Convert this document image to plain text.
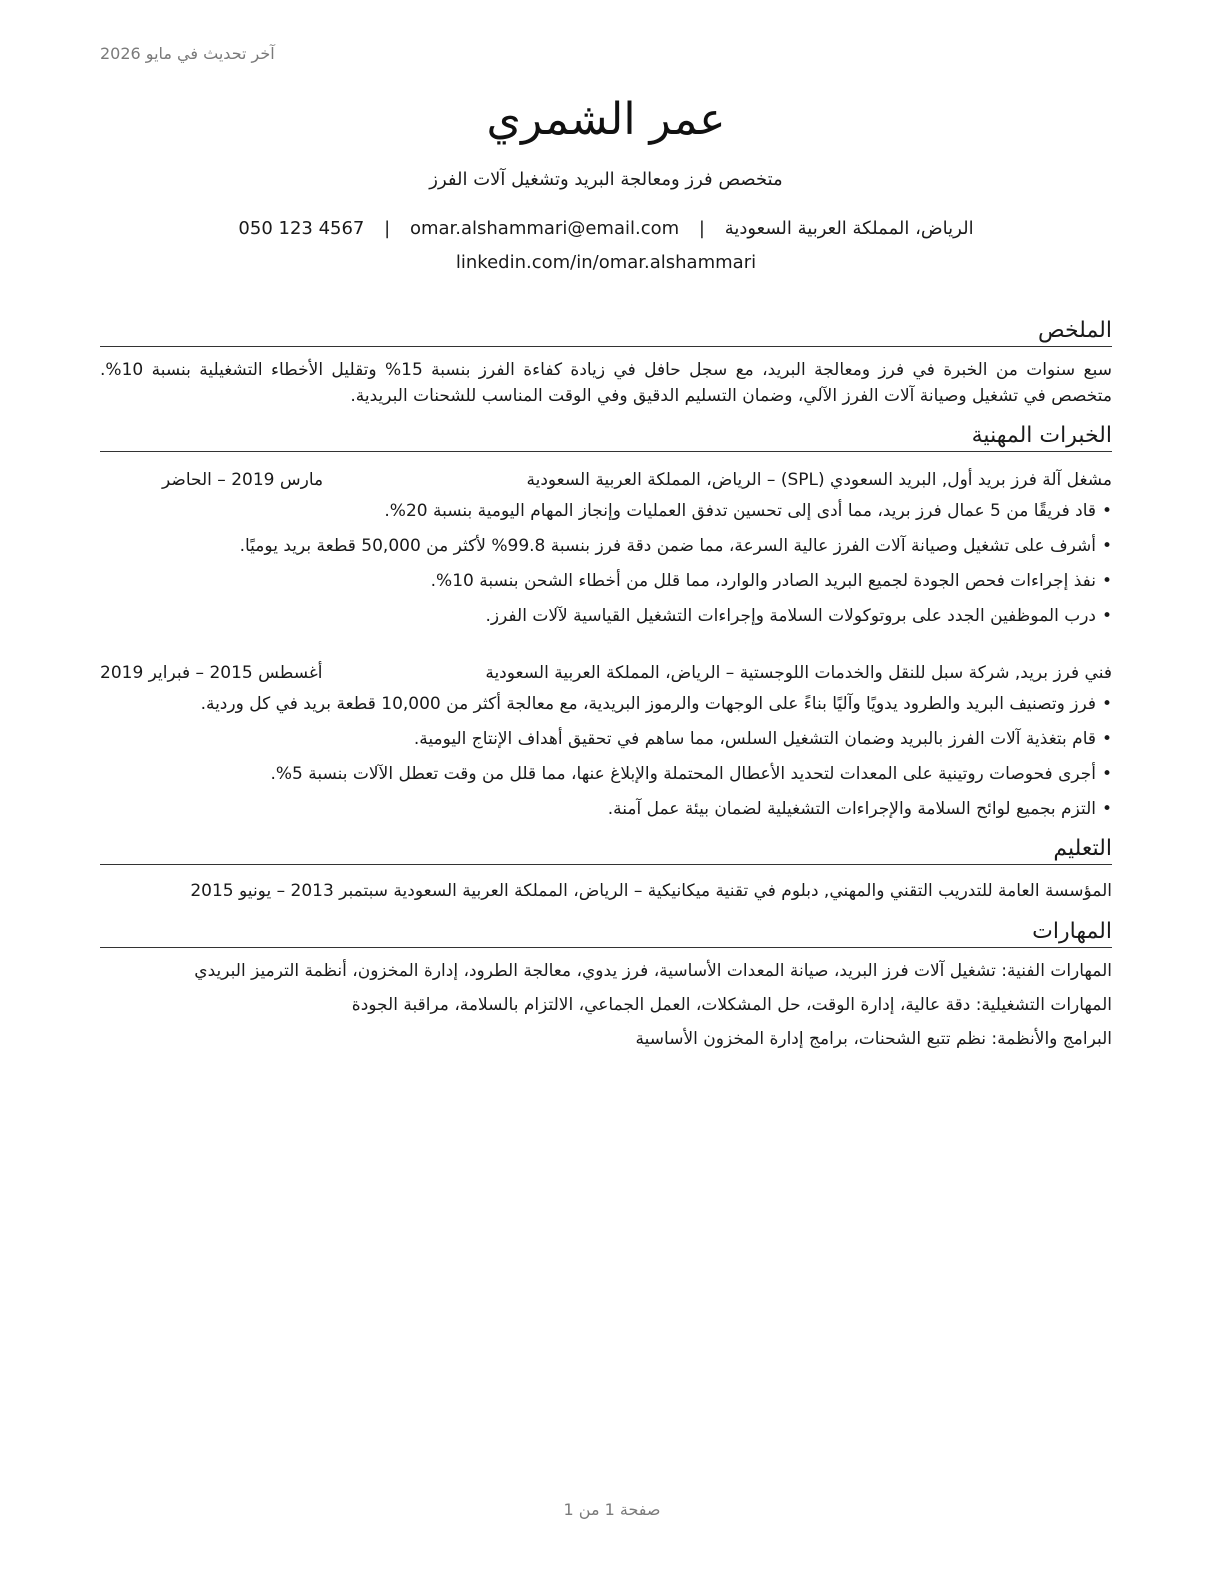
آخر تحديث في مايو 2026
عمر الشمري
متخصص فرز ومعالجة البريد وتشغيل آلات الفرز
الرياض، المملكة العربية السعودية | omar.alshammari@email.com | 050 123 4567
linkedin.com/in/omar.alshammari
الملخص

سبع سنوات من الخبرة في فرز ومعالجة البريد، مع سجل حافل في زيادة كفاءة الفرز بنسبة 15% وتقليل الأخطاء التشغيلية بنسبة 10%. متخصص في تشغيل وصيانة آلات الفرز الآلي، وضمان التسليم الدقيق وفي الوقت المناسب للشحنات البريدية.

الخبرات المهنية
مشغل آلة فرز بريد أول, البريد السعودي (SPL) – الرياض، المملكة العربية السعودية
مارس 2019 – الحاضر
• قاد فريقًا من 5 عمال فرز بريد، مما أدى إلى تحسين تدفق العمليات وإنجاز المهام اليومية بنسبة 20%.
• أشرف على تشغيل وصيانة آلات الفرز عالية السرعة، مما ضمن دقة فرز بنسبة 99.8% لأكثر من 50,000 قطعة بريد يوميًا.
• نفذ إجراءات فحص الجودة لجميع البريد الصادر والوارد، مما قلل من أخطاء الشحن بنسبة 10%.
• درب الموظفين الجدد على بروتوكولات السلامة وإجراءات التشغيل القياسية لآلات الفرز.
فني فرز بريد, شركة سبل للنقل والخدمات اللوجستية – الرياض، المملكة العربية السعودية
أغسطس 2015 – فبراير 2019
• فرز وتصنيف البريد والطرود يدويًا وآليًا بناءً على الوجهات والرموز البريدية، مع معالجة أكثر من 10,000 قطعة بريد في كل وردية.
• قام بتغذية آلات الفرز بالبريد وضمان التشغيل السلس، مما ساهم في تحقيق أهداف الإنتاج اليومية.
• أجرى فحوصات روتينية على المعدات لتحديد الأعطال المحتملة والإبلاغ عنها، مما قلل من وقت تعطل الآلات بنسبة 5%.
• التزم بجميع لوائح السلامة والإجراءات التشغيلية لضمان بيئة عمل آمنة.
التعليم
المؤسسة العامة للتدريب التقني والمهني, دبلوم في تقنية ميكانيكية – الرياض، المملكة العربية السعودية سبتمبر 2013 – يونيو 2015
المهارات
المهارات الفنية: تشغيل آلات فرز البريد، صيانة المعدات الأساسية، فرز يدوي، معالجة الطرود، إدارة المخزون، أنظمة الترميز البريدي
المهارات التشغيلية: دقة عالية، إدارة الوقت، حل المشكلات، العمل الجماعي، الالتزام بالسلامة، مراقبة الجودة
البرامج والأنظمة: نظم تتبع الشحنات، برامج إدارة المخزون الأساسية
صفحة 1 من 1
